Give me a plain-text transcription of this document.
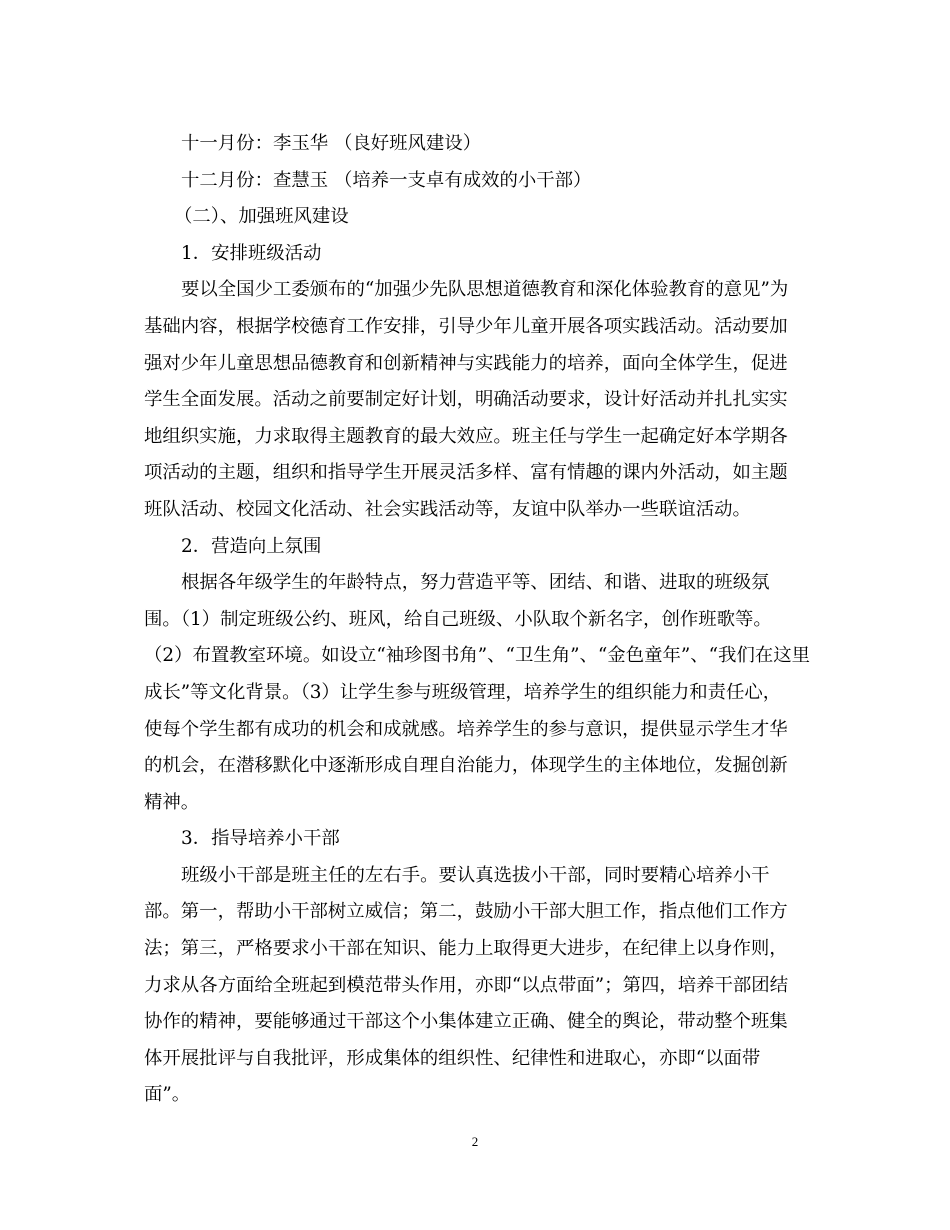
十一月份：李玉华 （良好班风建设）
十二月份：查慧玉 （培养一支卓有成效的小干部）
（二）、加强班风建设
1．安排班级活动
要以全国少工委颁布的“加强少先队思想道德教育和深化体验教育的意见”为
基础内容，根据学校德育工作安排，引导少年儿童开展各项实践活动。活动要加
强对少年儿童思想品德教育和创新精神与实践能力的培养，面向全体学生，促进
学生全面发展。活动之前要制定好计划，明确活动要求，设计好活动并扎扎实实
地组织实施，力求取得主题教育的最大效应。班主任与学生一起确定好本学期各
项活动的主题，组织和指导学生开展灵活多样、富有情趣的课内外活动，如主题
班队活动、校园文化活动、社会实践活动等，友谊中队举办一些联谊活动。
2．营造向上氛围
根据各年级学生的年龄特点，努力营造平等、团结、和谐、进取的班级氛
围。（1）制定班级公约、班风，给自己班级、小队取个新名字，创作班歌等。
（2）布置教室环境。如设立“袖珍图书角”、“卫生角”、“金色童年”、“我们在这里
成长”等文化背景。（3）让学生参与班级管理，培养学生的组织能力和责任心，
使每个学生都有成功的机会和成就感。培养学生的参与意识，提供显示学生才华
的机会，在潜移默化中逐渐形成自理自治能力，体现学生的主体地位，发掘创新
精神。
3．指导培养小干部
班级小干部是班主任的左右手。要认真选拔小干部，同时要精心培养小干
部。第一，帮助小干部树立威信；第二，鼓励小干部大胆工作，指点他们工作方
法；第三，严格要求小干部在知识、能力上取得更大进步，在纪律上以身作则，
力求从各方面给全班起到模范带头作用，亦即“以点带面”；第四，培养干部团结
协作的精神，要能够通过干部这个小集体建立正确、健全的舆论，带动整个班集
体开展批评与自我批评，形成集体的组织性、纪律性和进取心，亦即“以面带
面”。
2
